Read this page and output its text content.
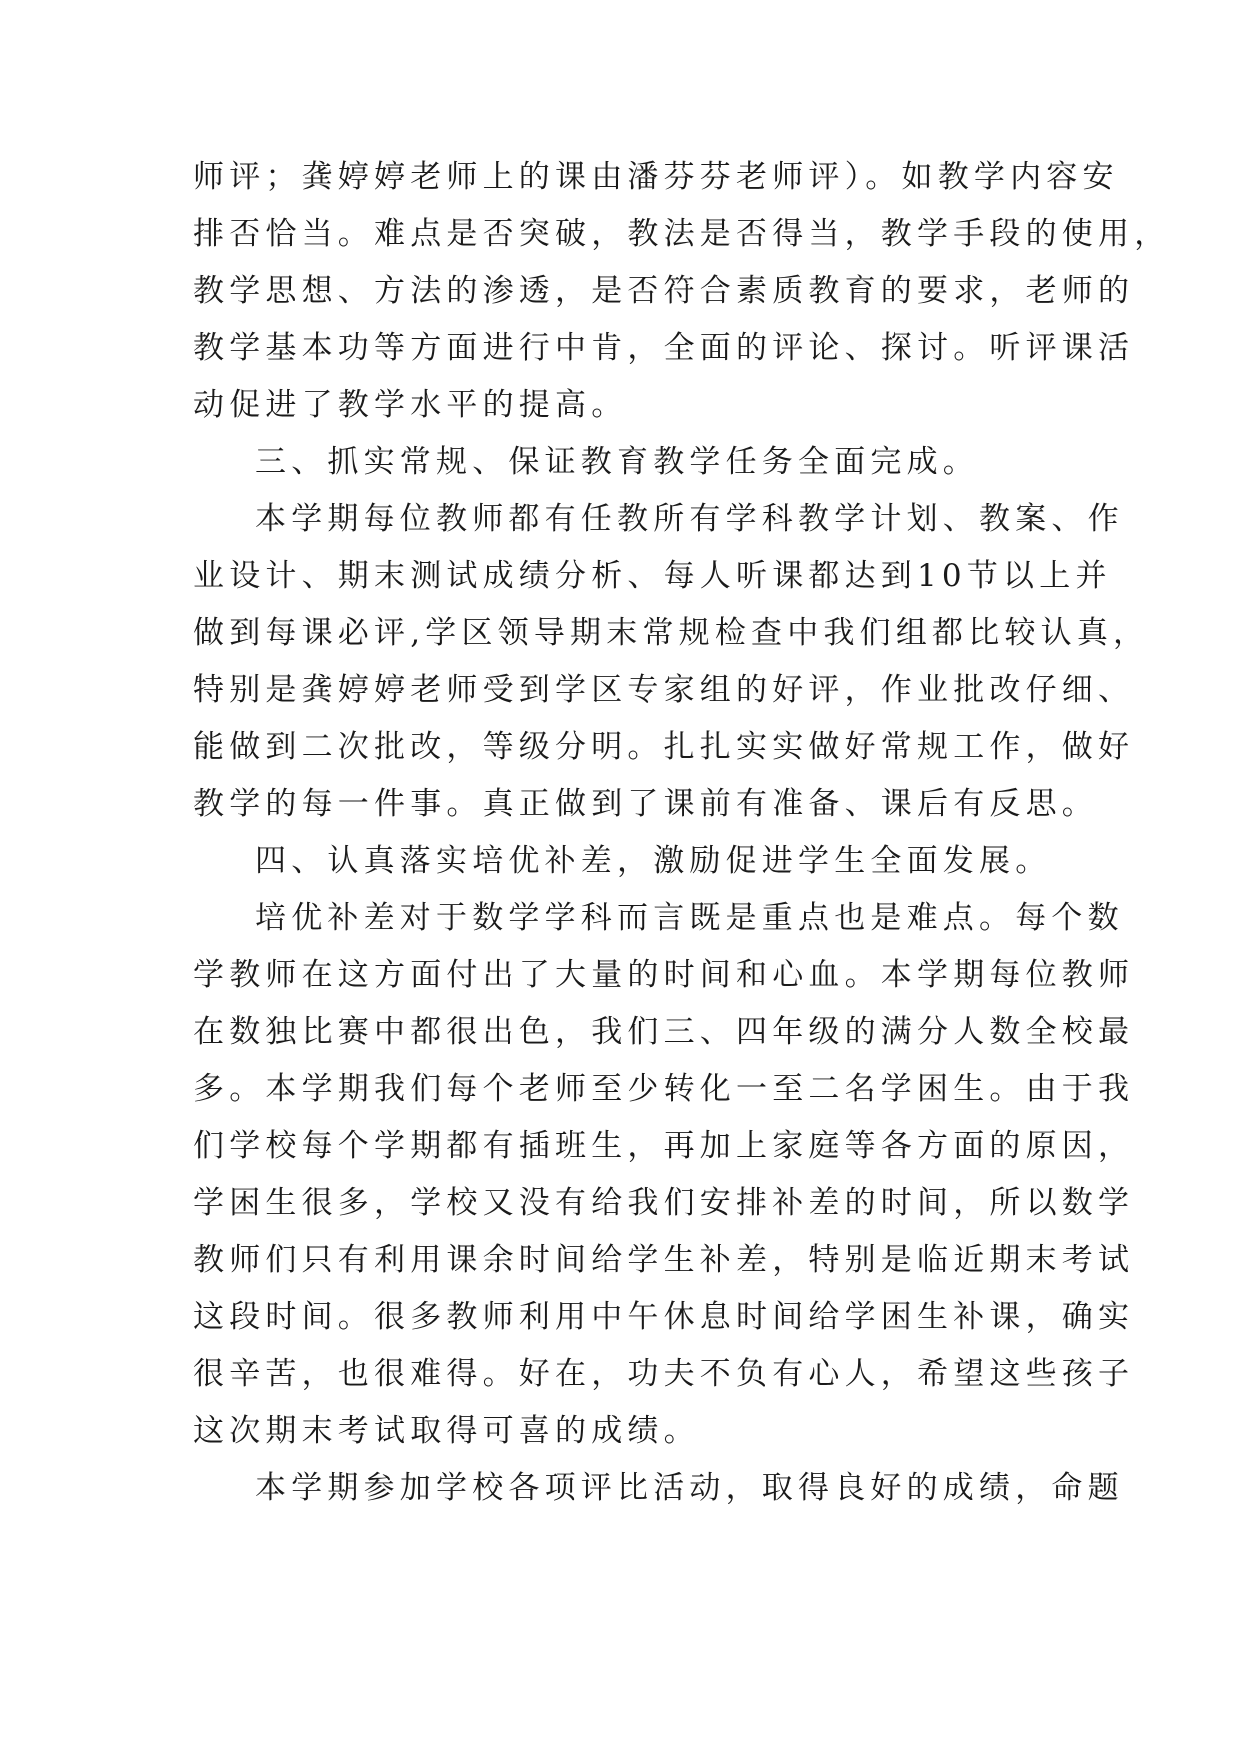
师评；龚婷婷老师上的课由潘芬芬老师评）。如教学内容安

排否恰当。难点是否突破，教法是否得当，教学手段的使用，

教学思想、方法的渗透，是否符合素质教育的要求，老师的

教学基本功等方面进行中肯，全面的评论、探讨。听评课活

动促进了教学水平的提高。

三、抓实常规、保证教育教学任务全面完成。

本学期每位教师都有任教所有学科教学计划、教案、作

业设计、期末测试成绩分析、每人听课都达到10节以上并

做到每课必评,学区领导期末常规检查中我们组都比较认真，

特别是龚婷婷老师受到学区专家组的好评，作业批改仔细、

能做到二次批改，等级分明。扎扎实实做好常规工作，做好

教学的每一件事。真正做到了课前有准备、课后有反思。

四、认真落实培优补差，激励促进学生全面发展。

培优补差对于数学学科而言既是重点也是难点。每个数

学教师在这方面付出了大量的时间和心血。本学期每位教师

在数独比赛中都很出色，我们三、四年级的满分人数全校最

多。本学期我们每个老师至少转化一至二名学困生。由于我

们学校每个学期都有插班生，再加上家庭等各方面的原因，

学困生很多，学校又没有给我们安排补差的时间，所以数学

教师们只有利用课余时间给学生补差，特别是临近期末考试

这段时间。很多教师利用中午休息时间给学困生补课，确实

很辛苦，也很难得。好在，功夫不负有心人，希望这些孩子

这次期末考试取得可喜的成绩。

本学期参加学校各项评比活动，取得良好的成绩，命题
